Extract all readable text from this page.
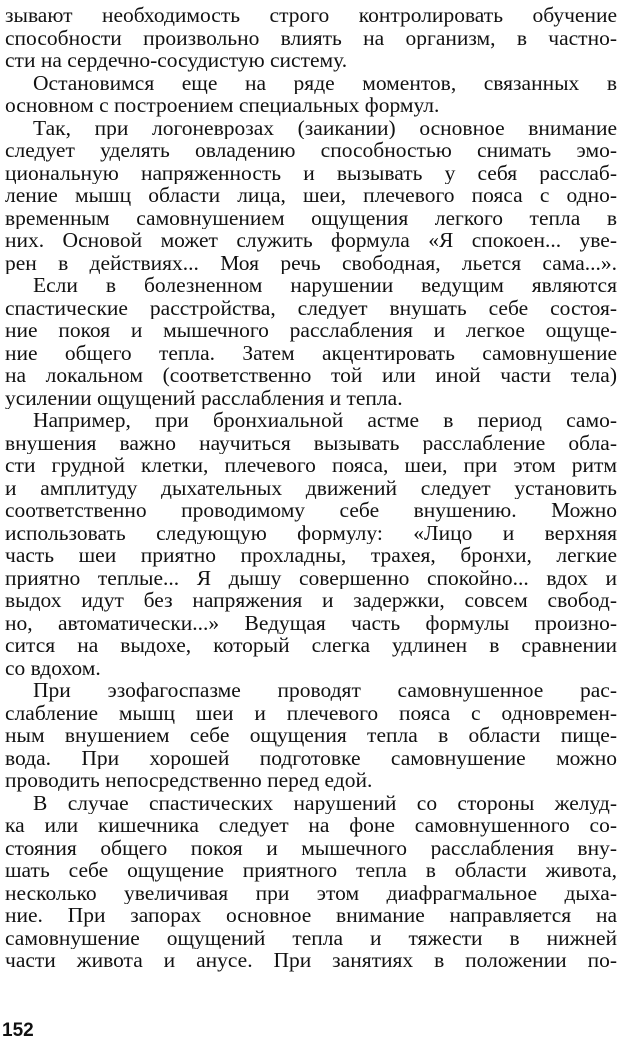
зывают необходимость строго контролировать обучение
способности произвольно влиять на организм, в частно-
сти на сердечно-сосудистую систему.
Остановимся еще на ряде моментов, связанных в
основном с построением специальных формул.
Так, при логоневрозах (заикании) основное внимание
следует уделять овладению способностью снимать эмо-
циональную напряженность и вызывать у себя расслаб-
ление мышц области лица, шеи, плечевого пояса с одно-
временным самовнушением ощущения легкого тепла в
них. Основой может служить формула «Я спокоен... уве-
рен в действиях... Моя речь свободная, льется сама...».
Если в болезненном нарушении ведущим являются
спастические расстройства, следует внушать себе состоя-
ние покоя и мышечного расслабления и легкое ощуще-
ние общего тепла. Затем акцентировать самовнушение
на локальном (соответственно той или иной части тела)
усилении ощущений расслабления и тепла.
Например, при бронхиальной астме в период само-
внушения важно научиться вызывать расслабление обла-
сти грудной клетки, плечевого пояса, шеи, при этом ритм
и амплитуду дыхательных движений следует установить
соответственно проводимому себе внушению. Можно
использовать следующую формулу: «Лицо и верхняя
часть шеи приятно прохладны, трахея, бронхи, легкие
приятно теплые... Я дышу совершенно спокойно... вдох и
выдох идут без напряжения и задержки, совсем свобод-
но, автоматически...» Ведущая часть формулы произно-
сится на выдохе, который слегка удлинен в сравнении
со вдохом.
При эзофагоспазме проводят самовнушенное рас-
слабление мышц шеи и плечевого пояса с одновремен-
ным внушением себе ощущения тепла в области пище-
вода. При хорошей подготовке самовнушение можно
проводить непосредственно перед едой.
В случае спастических нарушений со стороны желуд-
ка или кишечника следует на фоне самовнушенного со-
стояния общего покоя и мышечного расслабления вну-
шать себе ощущение приятного тепла в области живота,
несколько увеличивая при этом диафрагмальное дыха-
ние. При запорах основное внимание направляется на
самовнушение ощущений тепла и тяжести в нижней
части живота и анусе. При занятиях в положении по-
152
